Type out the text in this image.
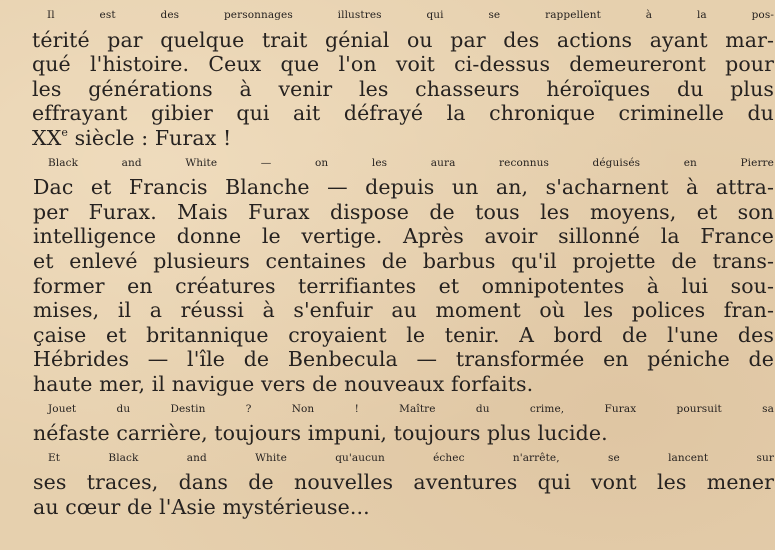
Il est des personnages illustres qui se rappellent à la pos-
térité par quelque trait génial ou par des actions ayant mar-
qué l'histoire. Ceux que l'on voit ci-dessus demeureront pour
les générations à venir les chasseurs héroïques du plus
effrayant gibier qui ait défrayé la chronique criminelle du
XXe siècle : Furax !
Black and White — on les aura reconnus déguisés en Pierre
Dac et Francis Blanche — depuis un an, s'acharnent à attra-
per Furax. Mais Furax dispose de tous les moyens, et son
intelligence donne le vertige. Après avoir sillonné la France
et enlevé plusieurs centaines de barbus qu'il projette de trans-
former en créatures terrifiantes et omnipotentes à lui sou-
mises, il a réussi à s'enfuir au moment où les polices fran-
çaise et britannique croyaient le tenir. A bord de l'une des
Hébrides — l'île de Benbecula — transformée en péniche de
haute mer, il navigue vers de nouveaux forfaits.
Jouet du Destin ? Non ! Maître du crime, Furax poursuit sa
néfaste carrière, toujours impuni, toujours plus lucide.
Et Black and White qu'aucun échec n'arrête, se lancent sur
ses traces, dans de nouvelles aventures qui vont les mener
au cœur de l'Asie mystérieuse...
